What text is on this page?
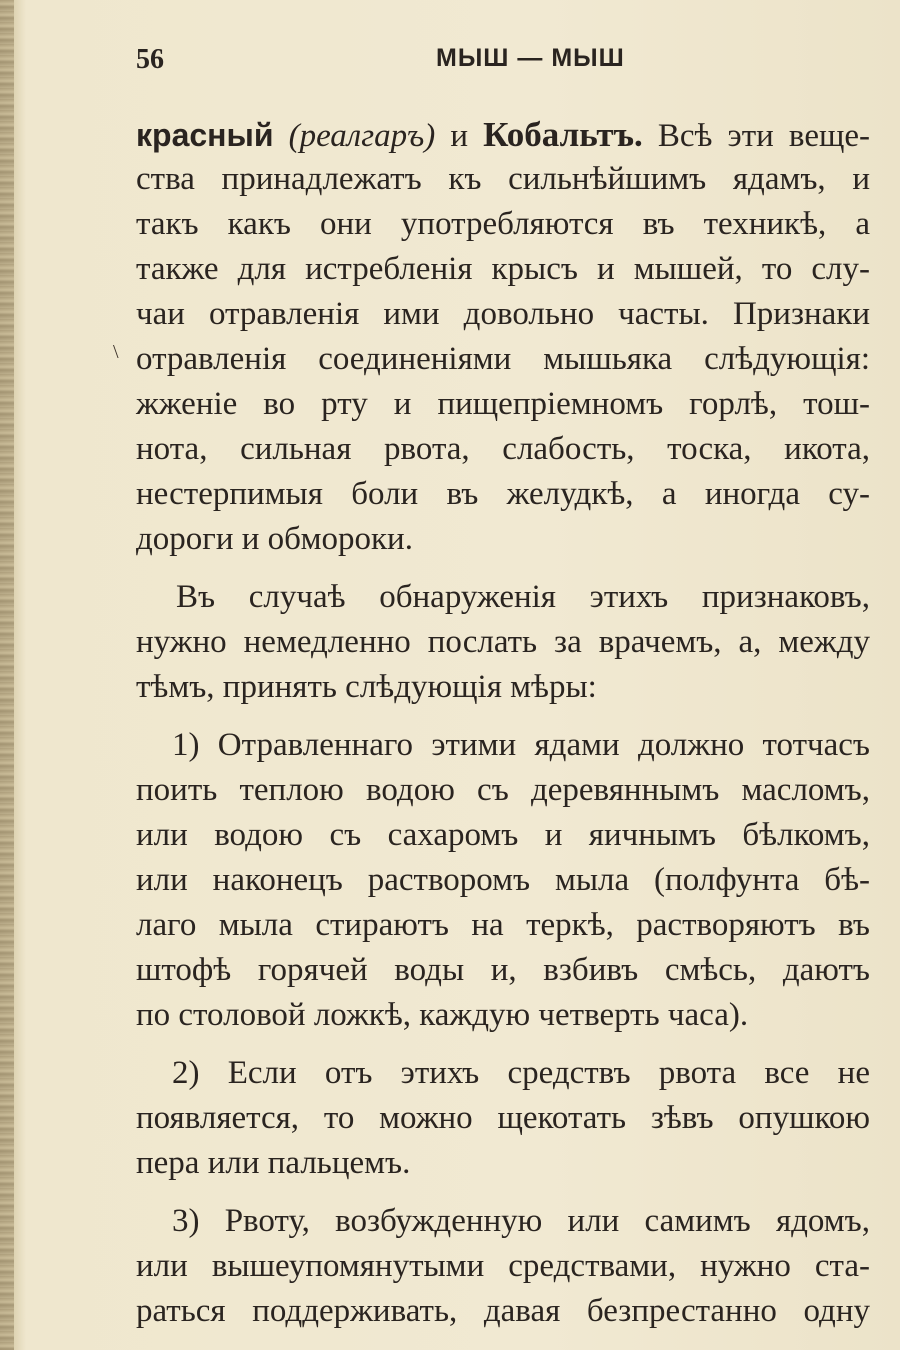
56	МЫШ — МЫШ
\
красный (реалгаръ) и Кобальтъ. Всѣ эти веще-
ства принадлежатъ къ сильнѣйшимъ ядамъ, и
такъ какъ они употребляются въ техникѣ, а
также для истребленія крысъ и мышей, то слу-
чаи отравленія ими довольно часты. Признаки
отравленія соединеніями мышьяка слѣдующія:
жженіе во рту и пищепріемномъ горлѣ, тош-
нота, сильная рвота, слабость, тоска, икота,
нестерпимыя боли въ желудкѣ, а иногда су-
дороги и обмороки.
Въ случаѣ обнаруженія этихъ признаковъ,
нужно немедленно послать за врачемъ, а, между
тѣмъ, принять слѣдующія мѣры:
1) Отравленнаго этими ядами должно тотчасъ
поить теплою водою съ деревяннымъ масломъ,
или водою съ сахаромъ и яичнымъ бѣлкомъ,
или наконецъ растворомъ мыла (полфунта бѣ-
лаго мыла стираютъ на теркѣ, растворяютъ въ
штофѣ горячей воды и, взбивъ смѣсь, даютъ
по столовой ложкѣ, каждую четверть часа).
2) Если отъ этихъ средствъ рвота все не
появляется, то можно щекотать зѣвъ опушкою
пера или пальцемъ.
3) Рвоту, возбужденную или самимъ ядомъ,
или вышеупомянутыми средствами, нужно ста-
раться поддерживать, давая безпрестанно одну
